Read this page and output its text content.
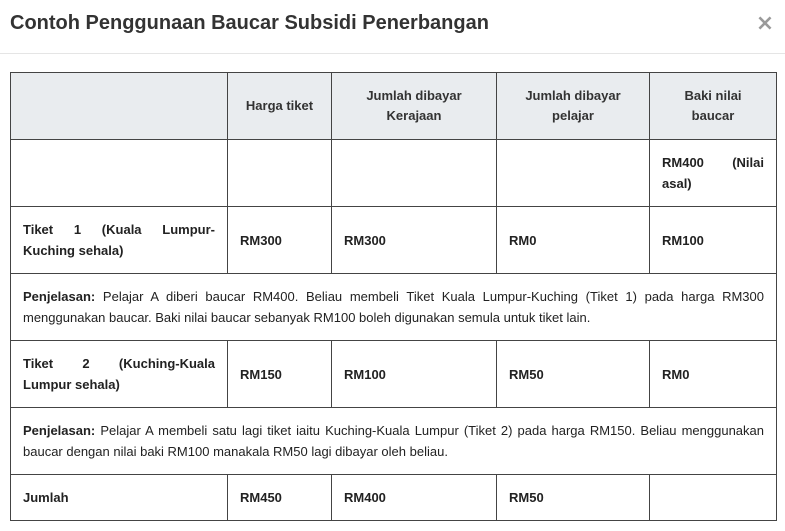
Contoh Penggunaan Baucar Subsidi Penerbangan	×
	Harga tiket	Jumlah dibayar Kerajaan	Jumlah dibayar pelajar	Baki nilai baucar
				RM400 (Nilai asal)

Tiket 1 (Kuala Lumpur-Kuching sehala)	RM300	RM300	RM0	RM100
Penjelasan: Pelajar A diberi baucar RM400. Beliau membeli Tiket Kuala Lumpur-Kuching (Tiket 1) pada harga RM300 menggunakan baucar. Baki nilai baucar sebanyak RM100 boleh digunakan semula untuk tiket lain.				

Tiket 2 (Kuching-Kuala Lumpur sehala)	RM150	RM100	RM50	RM0
Penjelasan: Pelajar A membeli satu lagi tiket iaitu Kuching-Kuala Lumpur (Tiket 2) pada harga RM150. Beliau menggunakan baucar dengan nilai baki RM100 manakala RM50 lagi dibayar oleh beliau.				
Jumlah	RM450	RM400	RM50	
